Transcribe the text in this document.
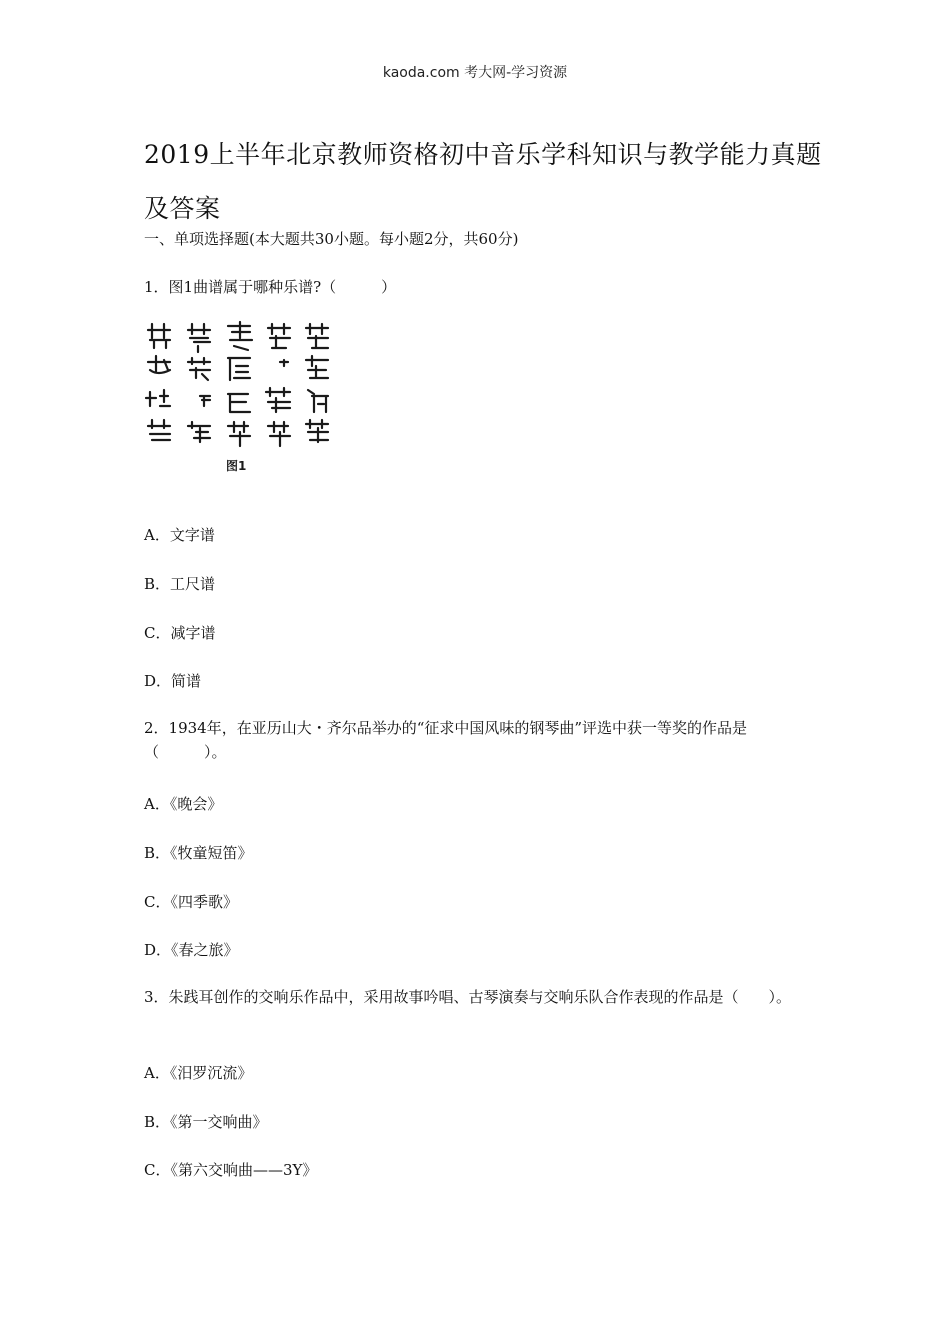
kaoda.com 考大网-学习资源
2019上半年北京教师资格初中音乐学科知识与教学能力真题及答案
一、单项选择题(本大题共30小题。每小题2分，共60分)
1．图1曲谱属于哪种乐谱?（　　　）
图1
A．文字谱
B．工尺谱
C．减字谱
D．简谱
2．1934年，在亚历山大・齐尔品举办的“征求中国风味的钢琴曲”评选中获一等奖的作品是（　　　）。
A．《晚会》
B．《牧童短笛》
C．《四季歌》
D．《春之旅》
3．朱践耳创作的交响乐作品中，采用故事吟唱、古琴演奏与交响乐队合作表现的作品是（　　）。
A．《汨罗沉流》
B．《第一交响曲》
C．《第六交响曲——3Y》
